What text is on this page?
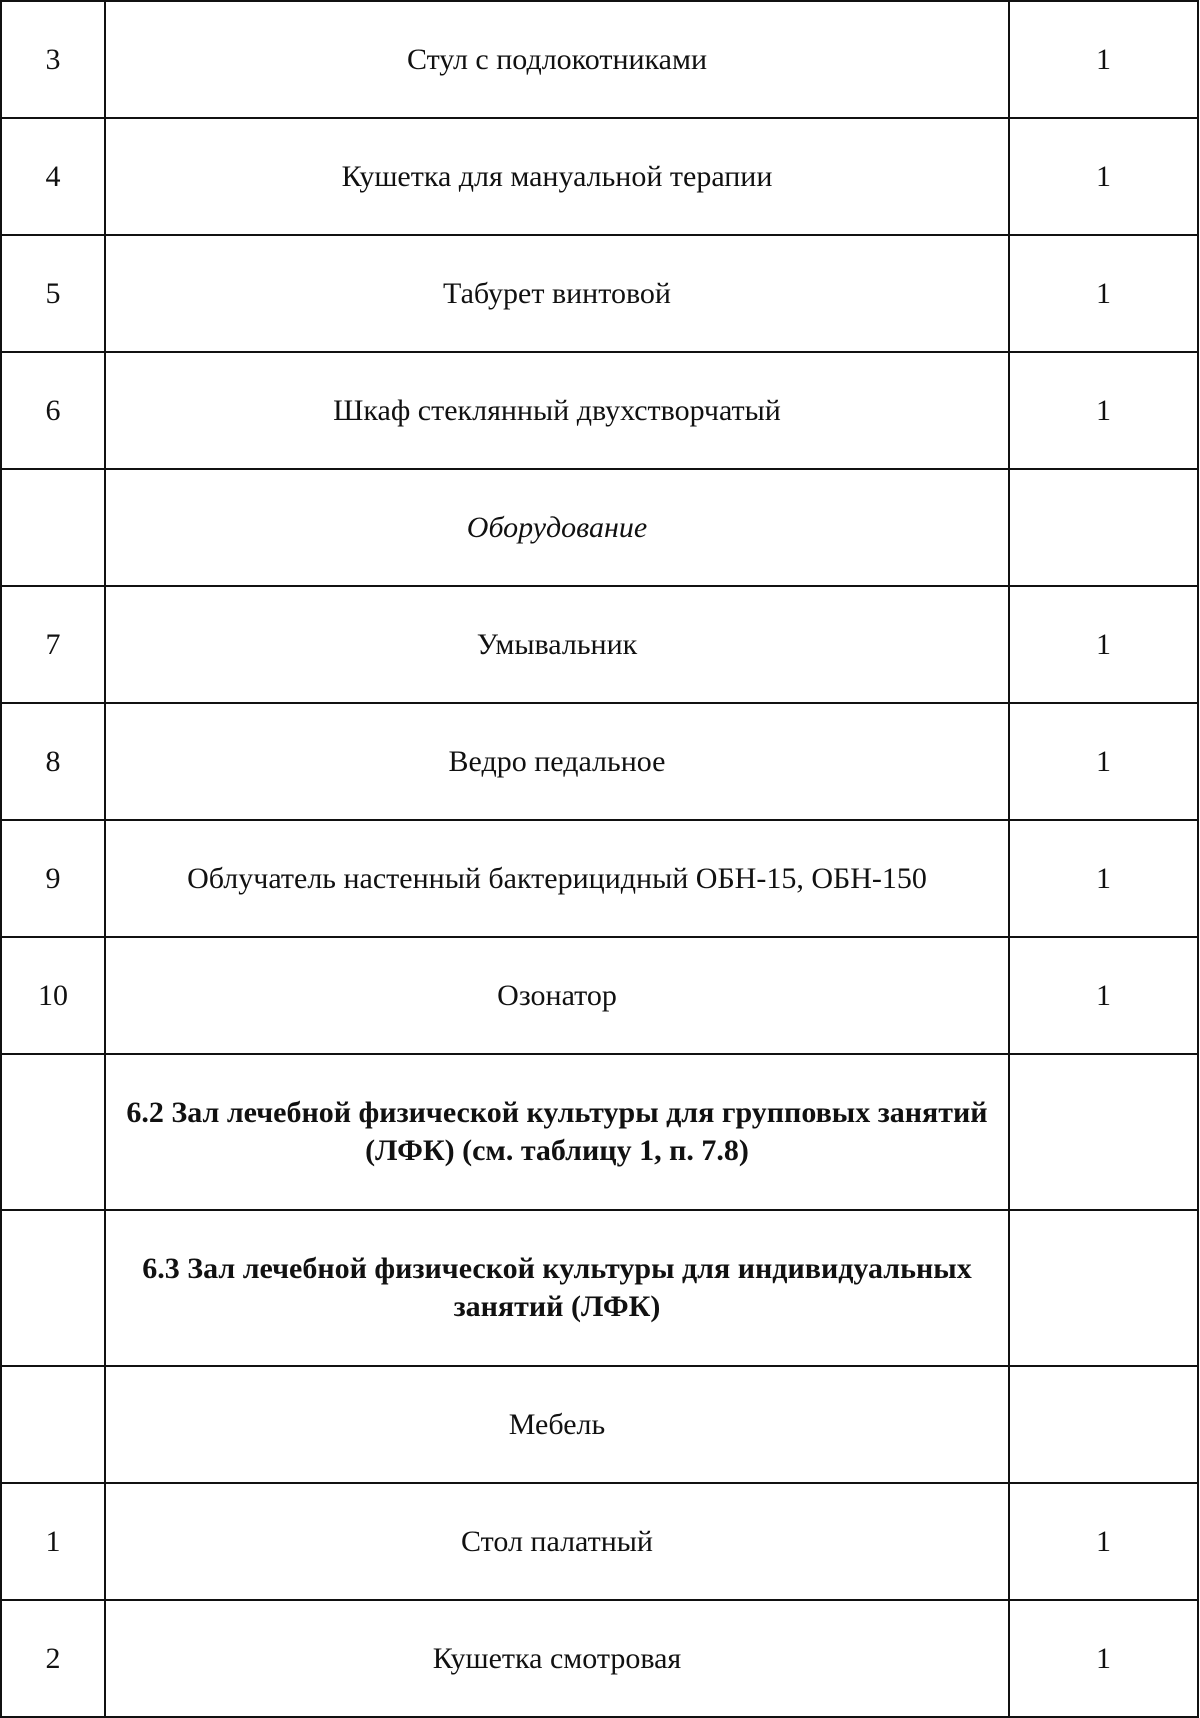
3	Стул с подлокотниками	1
4	Кушетка для мануальной терапии	1
5	Табурет винтовой	1
6	Шкаф стеклянный двухстворчатый	1
	Оборудование	
7	Умывальник	1
8	Ведро педальное	1
9	Облучатель настенный бактерицидный ОБН-15, ОБН-150	1
10	Озонатор	1
	6.2 Зал лечебной физической культуры для групповых занятий (ЛФК) (см. таблицу 1, п. 7.8)	
	6.3 Зал лечебной физической культуры для индивидуальных занятий (ЛФК)	
	Мебель	
1	Стол палатный	1
2	Кушетка смотровая	1
